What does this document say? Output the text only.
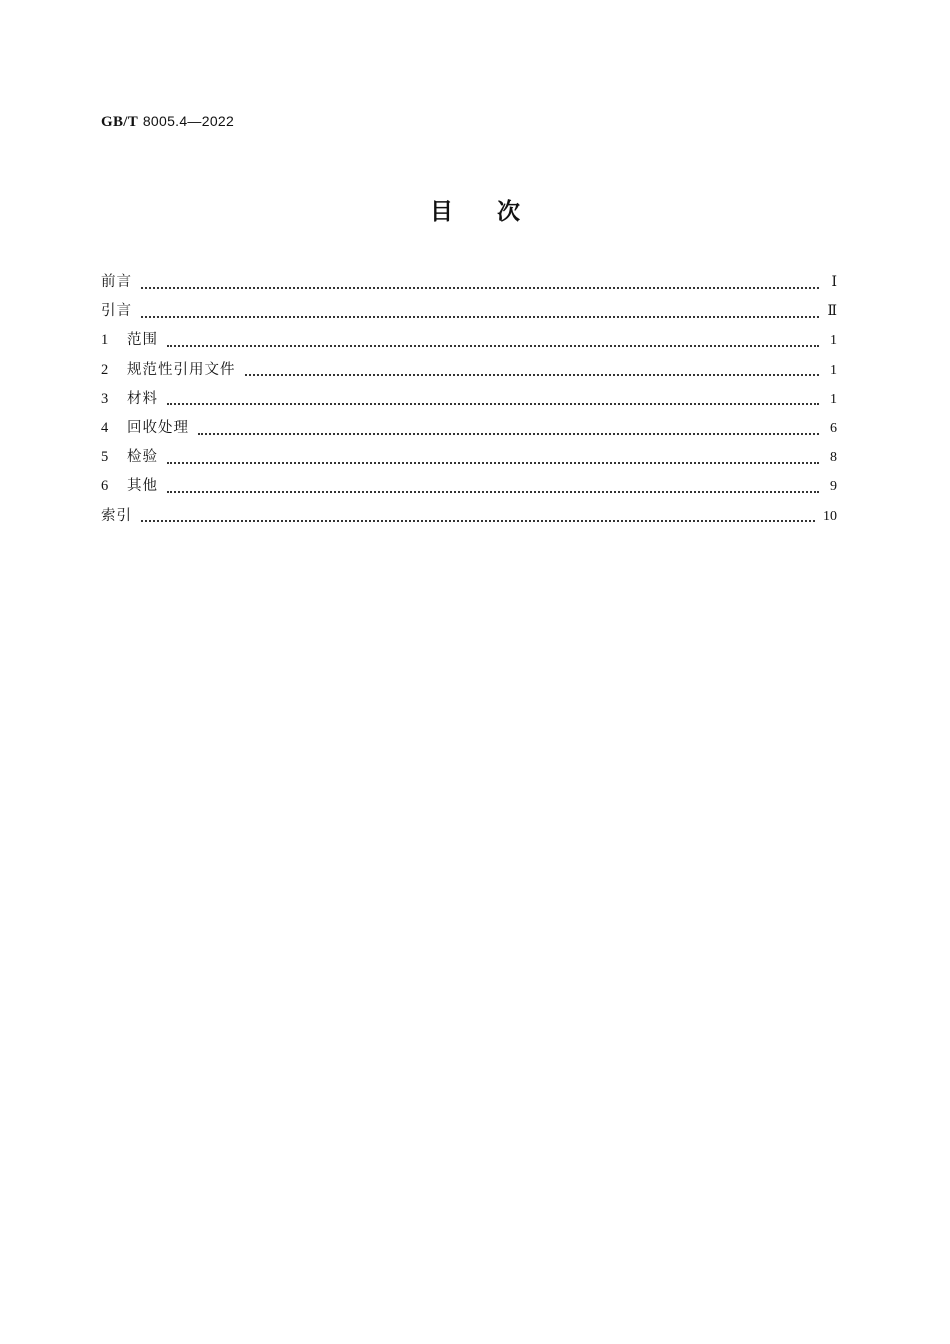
GB/T 8005.4—2022
目次
前言	Ⅰ
引言	Ⅱ
1	范围	1
2	规范性引用文件	1
3	材料	1
4	回收处理	6
5	检验	8
6	其他	9
索引	10
